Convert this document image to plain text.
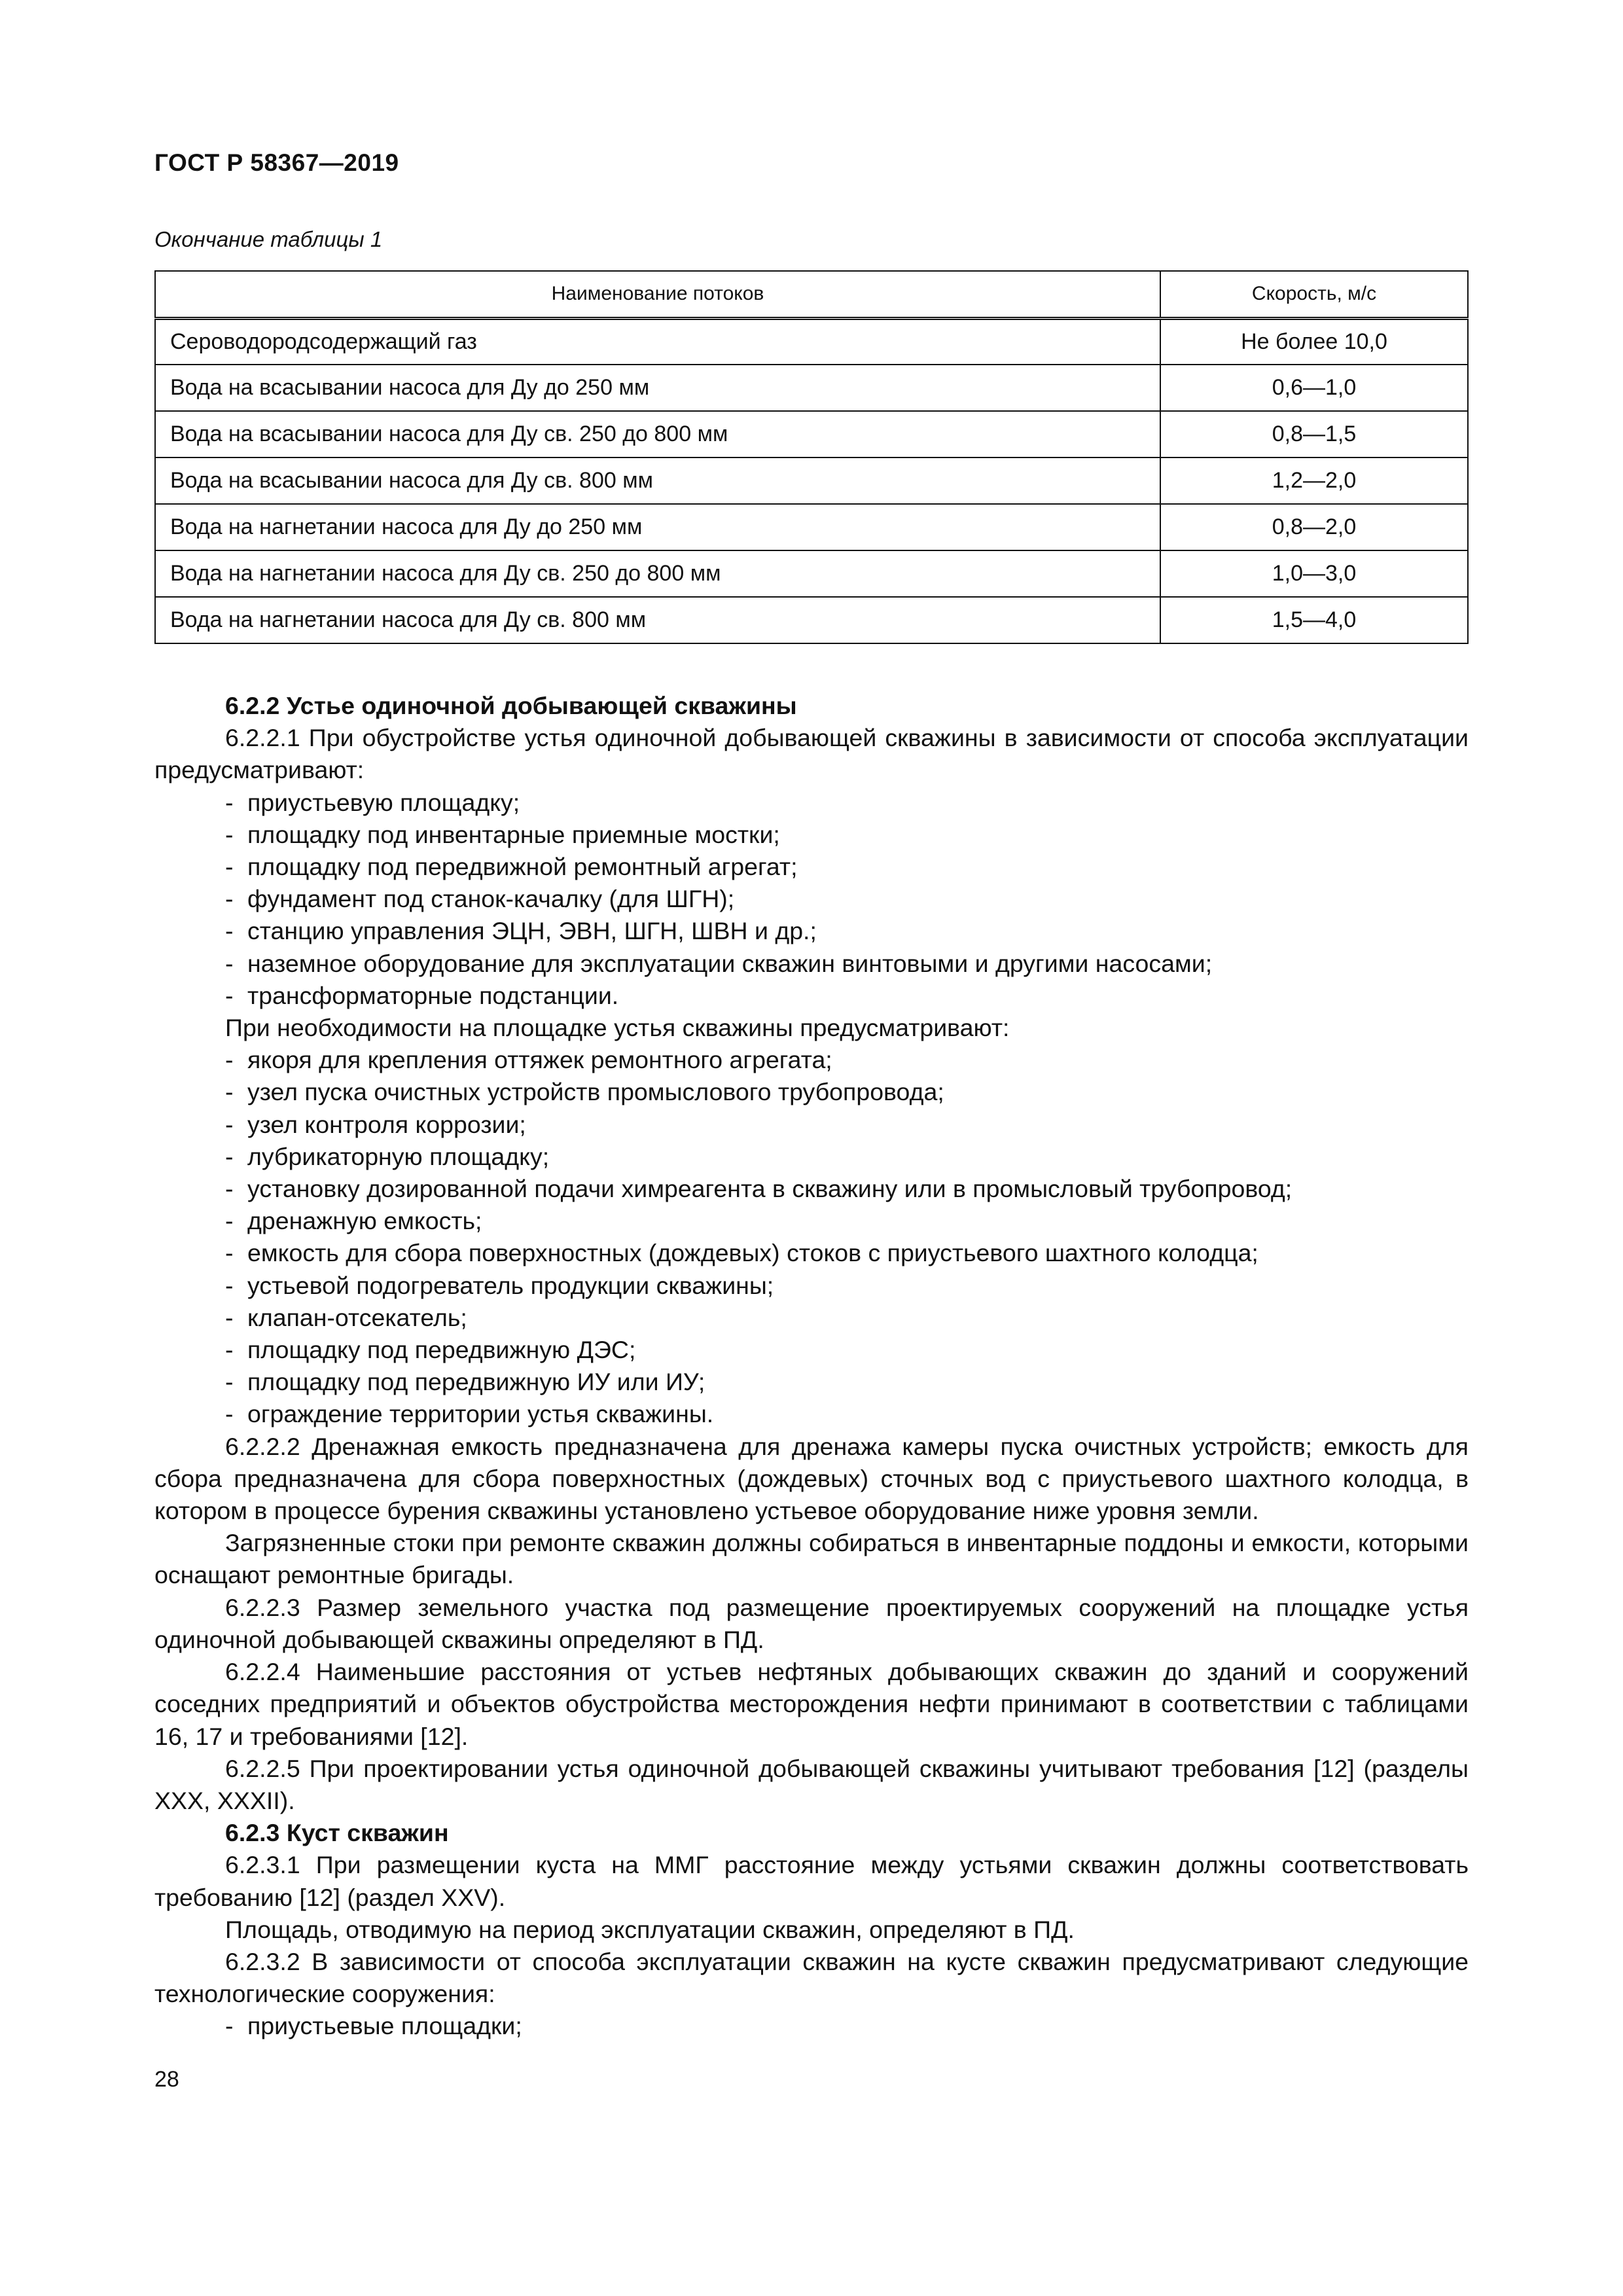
ГОСТ Р 58367—2019
Окончание таблицы 1
Наименование потоков	Скорость, м/с
Сероводородсодержащий газ	Не более 10,0
Вода на всасывании насоса для Ду до 250 мм	0,6—1,0
Вода на всасывании насоса для Ду св. 250 до 800 мм	0,8—1,5
Вода на всасывании насоса для Ду св. 800 мм	1,2—2,0
Вода на нагнетании насоса для Ду до 250 мм	0,8—2,0
Вода на нагнетании насоса для Ду св. 250 до 800 мм	1,0—3,0
Вода на нагнетании насоса для Ду св. 800 мм	1,5—4,0

6.2.2 Устье одиночной добывающей скважины

6.2.2.1 При обустройстве устья одиночной добывающей скважины в зависимости от способа эксплуатации предусматривают:

- приустьевую площадку;

- площадку под инвентарные приемные мостки;

- площадку под передвижной ремонтный агрегат;

- фундамент под станок-качалку (для ШГН);

- станцию управления ЭЦН, ЭВН, ШГН, ШВН и др.;

- наземное оборудование для эксплуатации скважин винтовыми и другими насосами;

- трансформаторные подстанции.

При необходимости на площадке устья скважины предусматривают:

- якоря для крепления оттяжек ремонтного агрегата;

- узел пуска очистных устройств промыслового трубопровода;

- узел контроля коррозии;

- лубрикаторную площадку;

- установку дозированной подачи химреагента в скважину или в промысловый трубопровод;

- дренажную емкость;

- емкость для сбора поверхностных (дождевых) стоков с приустьевого шахтного колодца;

- устьевой подогреватель продукции скважины;

- клапан-отсекатель;

- площадку под передвижную ДЭС;

- площадку под передвижную ИУ или ИУ;

- ограждение территории устья скважины.

6.2.2.2 Дренажная емкость предназначена для дренажа камеры пуска очистных устройств; емкость для сбора предназначена для сбора поверхностных (дождевых) сточных вод с приустьевого шахтного колодца, в котором в процессе бурения скважины установлено устьевое оборудование ниже уровня земли.

Загрязненные стоки при ремонте скважин должны собираться в инвентарные поддоны и емкости, которыми оснащают ремонтные бригады.

6.2.2.3 Размер земельного участка под размещение проектируемых сооружений на площадке устья одиночной добывающей скважины определяют в ПД.

6.2.2.4 Наименьшие расстояния от устьев нефтяных добывающих скважин до зданий и сооружений соседних предприятий и объектов обустройства месторождения нефти принимают в соответствии с таблицами 16, 17 и требованиями [12].

6.2.2.5 При проектировании устья одиночной добывающей скважины учитывают требования [12] (разделы XXX, XXXII).

6.2.3 Куст скважин

6.2.3.1 При размещении куста на ММГ расстояние между устьями скважин должны соответствовать требованию [12] (раздел XXV).

Площадь, отводимую на период эксплуатации скважин, определяют в ПД.

6.2.3.2 В зависимости от способа эксплуатации скважин на кусте скважин предусматривают следующие технологические сооружения:

- приустьевые площадки;

28
